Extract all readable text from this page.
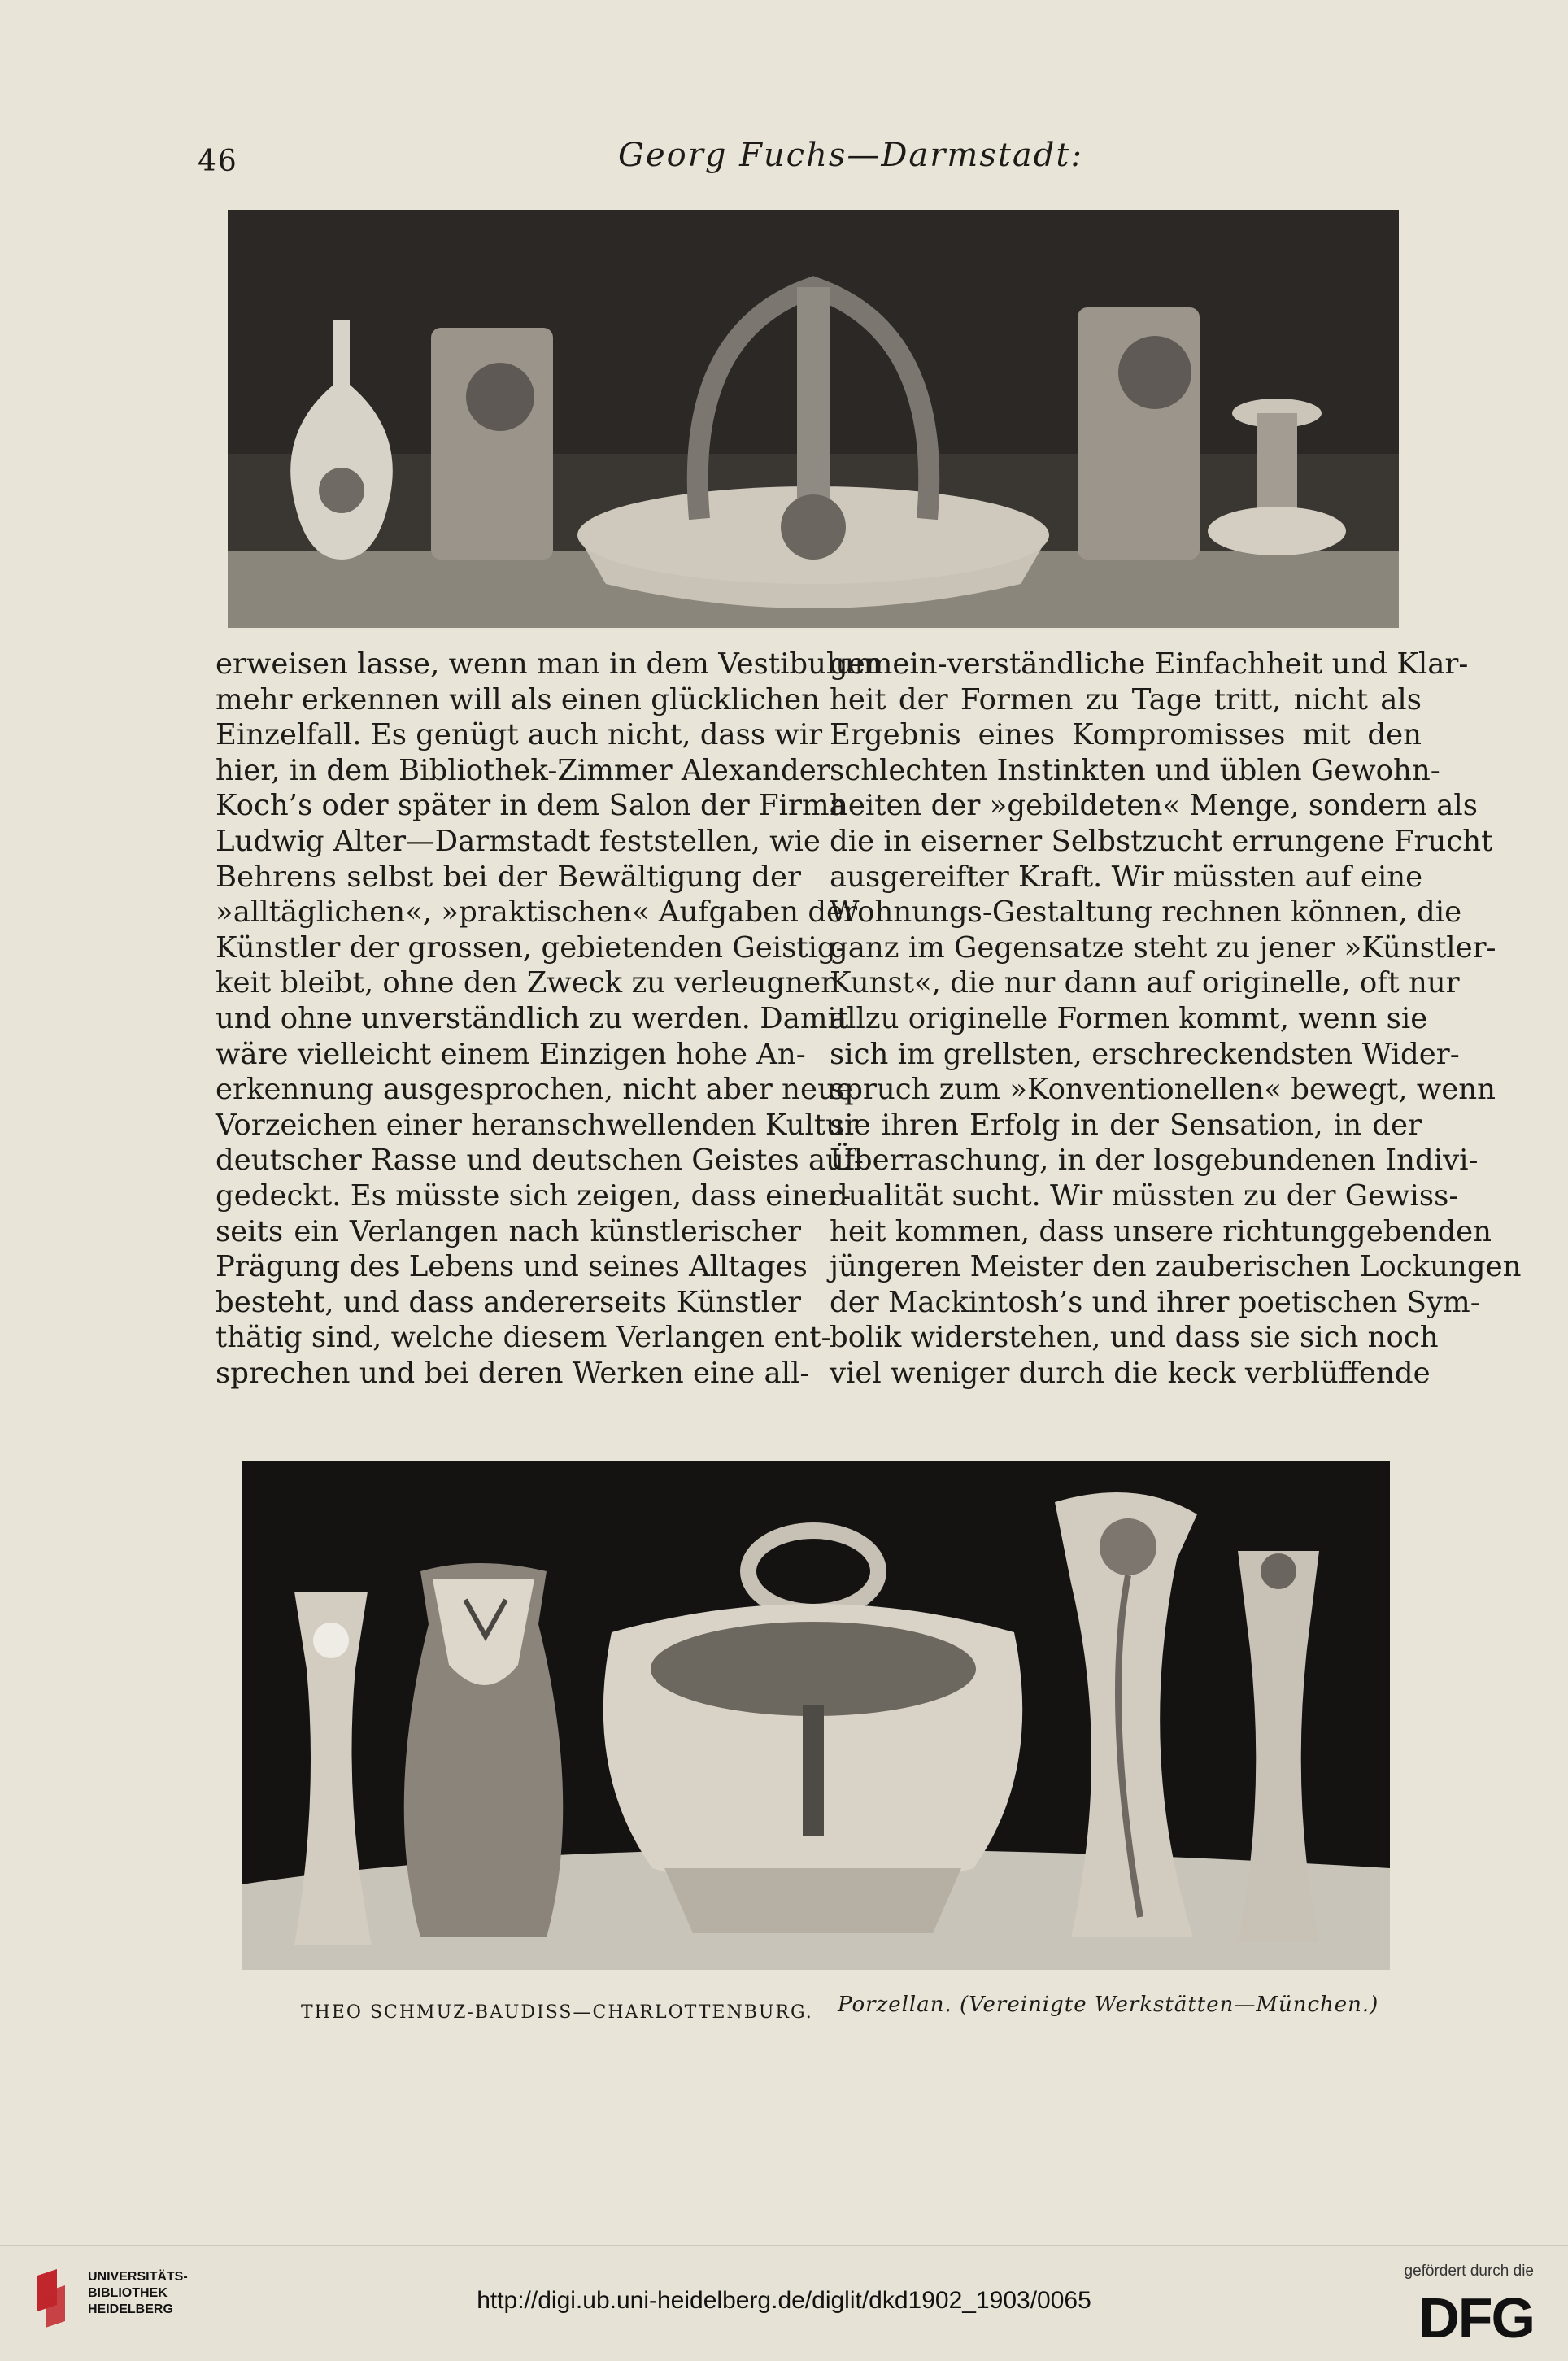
46	Georg Fuchs—Darmstadt:
erweisen lasse, wenn man in dem Vestibulum
mehr erkennen will als einen glücklichen
Einzelfall. Es genügt auch nicht, dass wir
hier, in dem Bibliothek-Zimmer Alexander
Koch’s oder später in dem Salon der Firma
Ludwig Alter—Darmstadt feststellen, wie
Behrens selbst bei der Bewältigung der
»alltäglichen«, »praktischen« Aufgaben der
Künstler der grossen, gebietenden Geistig-
keit bleibt, ohne den Zweck zu verleugnen
und ohne unverständlich zu werden. Damit
wäre vielleicht einem Einzigen hohe An-
erkennung ausgesprochen, nicht aber neue
Vorzeichen einer heranschwellenden Kultur
deutscher Rasse und deutschen Geistes auf-
gedeckt. Es müsste sich zeigen, dass einer-
seits ein Verlangen nach künstlerischer
Prägung des Lebens und seines Alltages
besteht, und dass andererseits Künstler
thätig sind, welche diesem Verlangen ent-
sprechen und bei deren Werken eine all-
gemein-verständliche Einfachheit und Klar-
heit der Formen zu Tage tritt, nicht als
Ergebnis eines Kompromisses mit den
schlechten Instinkten und üblen Gewohn-
heiten der »gebildeten« Menge, sondern als
die in eiserner Selbstzucht errungene Frucht
ausgereifter Kraft. Wir müssten auf eine
Wohnungs-Gestaltung rechnen können, die
ganz im Gegensatze steht zu jener »Künstler-
Kunst«, die nur dann auf originelle, oft nur
allzu originelle Formen kommt, wenn sie
sich im grellsten, erschreckendsten Wider-
spruch zum »Konventionellen« bewegt, wenn
sie ihren Erfolg in der Sensation, in der
Überraschung, in der losgebundenen Indivi-
dualität sucht. Wir müssten zu der Gewiss-
heit kommen, dass unsere richtunggebenden
jüngeren Meister den zauberischen Lockungen
der Mackintosh’s und ihrer poetischen Sym-
bolik widerstehen, und dass sie sich noch
viel weniger durch die keck verblüffende
THEO SCHMUZ-BAUDISS—CHARLOTTENBURG. Porzellan. (Vereinigte Werkstätten—München.)
UNIVERSITÄTS-
BIBLIOTHEK
HEIDELBERG	http://digi.ub.uni-heidelberg.de/diglit/dkd1902_1903/0065
gefördert durch die
DFG
